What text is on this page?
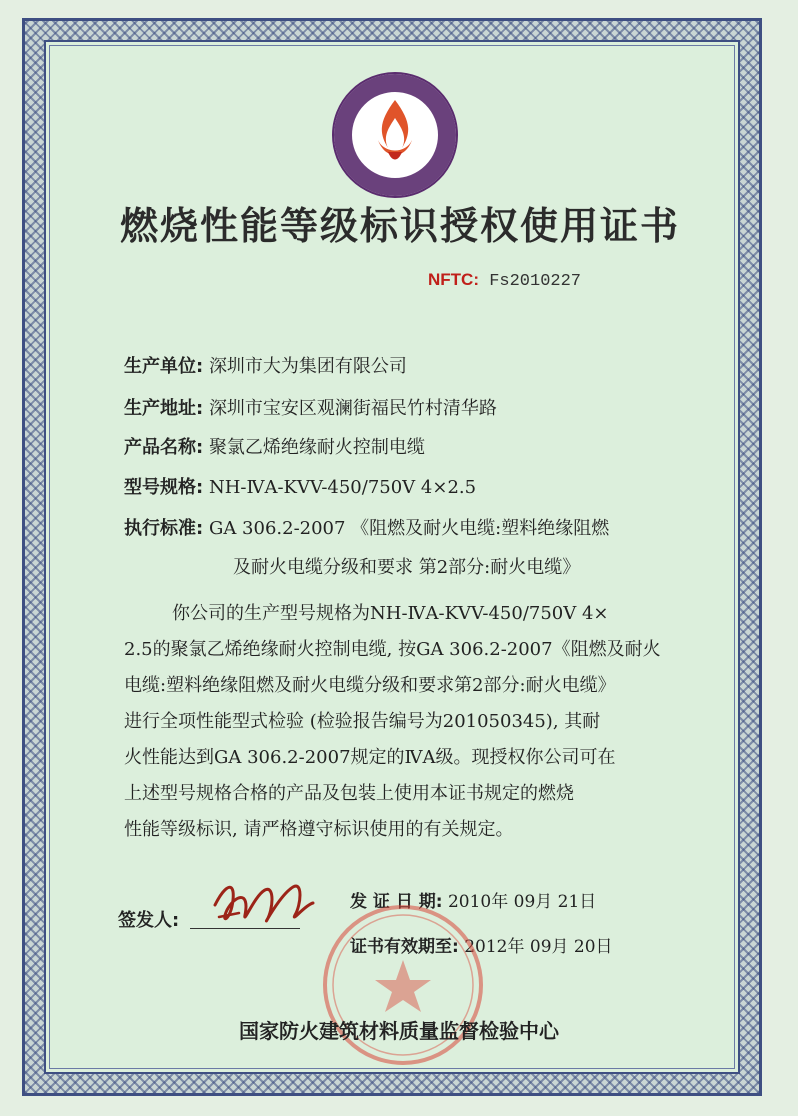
燃烧性能等级标识授权使用证书
NFTC: Fs2010227
生产单位: 深圳市大为集团有限公司
生产地址: 深圳市宝安区观澜街福民竹村清华路
产品名称: 聚氯乙烯绝缘耐火控制电缆
型号规格: NH-ⅣA-KVV-450/750V 4×2.5
执行标准: GA 306.2-2007 《阻燃及耐火电缆:塑料绝缘阻燃
及耐火电缆分级和要求 第2部分:耐火电缆》
你公司的生产型号规格为NH-ⅣA-KVV-450/750V 4×
2.5的聚氯乙烯绝缘耐火控制电缆, 按GA 306.2-2007《阻燃及耐火
电缆:塑料绝缘阻燃及耐火电缆分级和要求第2部分:耐火电缆》
进行全项性能型式检验 (检验报告编号为201050345), 其耐
火性能达到GA 306.2-2007规定的ⅣA级。现授权你公司可在
上述型号规格合格的产品及包装上使用本证书规定的燃烧
性能等级标识, 请严格遵守标识使用的有关规定。
签发人:
发 证 日 期: 2010年 09月 21日
证书有效期至: 2012年 09月 20日
国家防火建筑材料质量监督检验中心
